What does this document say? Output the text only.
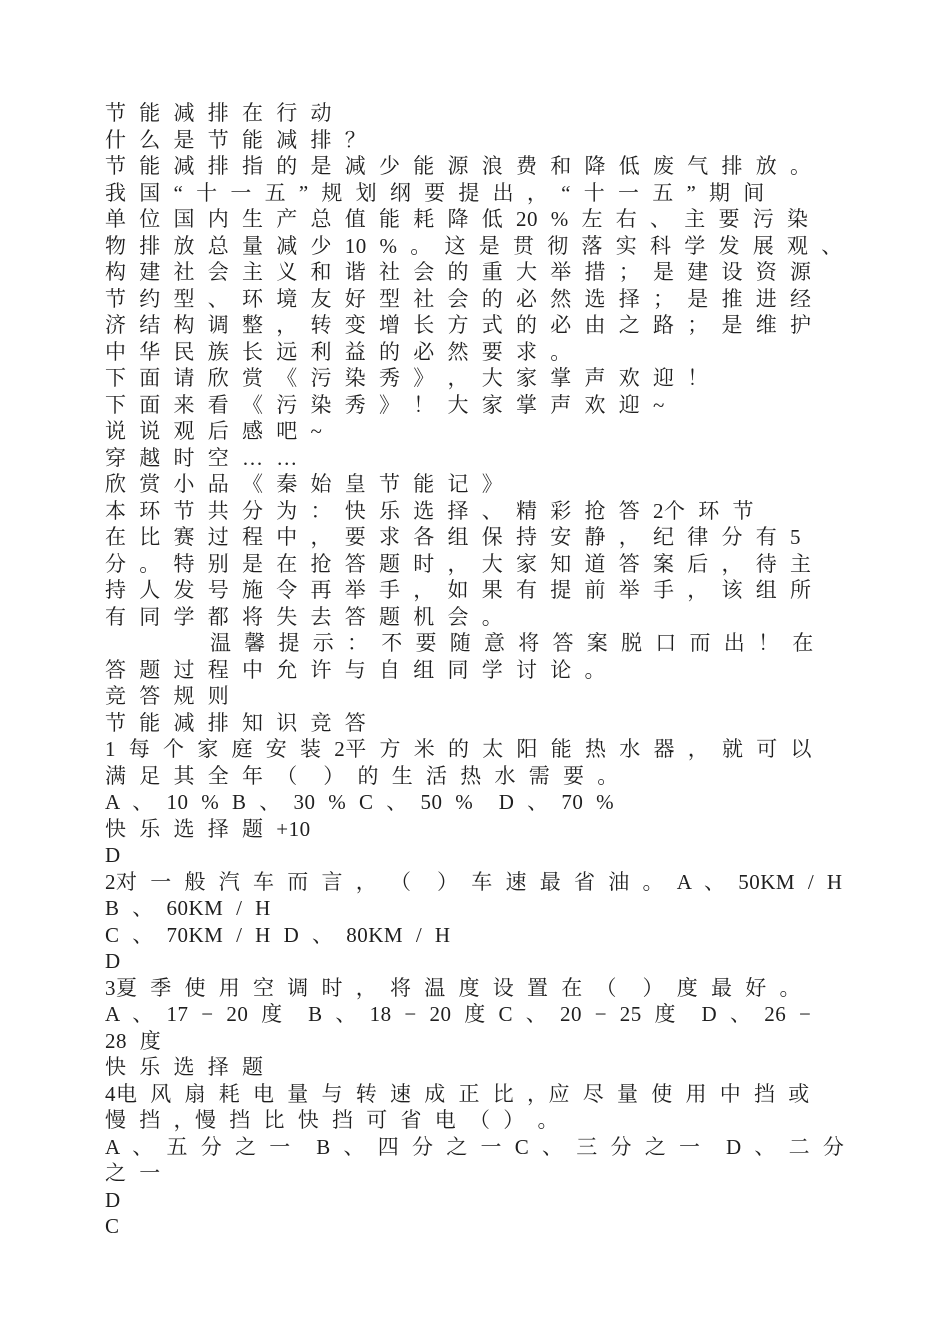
节 能 减 排 在 行 动
什 么 是 节 能 减 排 ？
节 能 减 排 指 的 是 减 少 能 源 浪 费 和 降 低 废 气 排 放 。
我 国 “ 十 一 五 ” 规 划 纲 要 提 出 ， “ 十 一 五 ” 期 间
单 位 国 内 生 产 总 值 能 耗 降 低 20 % 左 右 、 主 要 污 染
物 排 放 总 量 减 少 10 % 。 这 是 贯 彻 落 实 科 学 发 展 观 、
构 建 社 会 主 义 和 谐 社 会 的 重 大 举 措 ； 是 建 设 资 源
节 约 型 、 环 境 友 好 型 社 会 的 必 然 选 择 ； 是 推 进 经
济 结 构 调 整 ， 转 变 增 长 方 式 的 必 由 之 路 ； 是 维 护
中 华 民 族 长 远 利 益 的 必 然 要 求 。
下 面 请 欣 赏 《 污 染 秀 》 ， 大 家 掌 声 欢 迎 ！
下 面 来 看 《 污 染 秀 》 ！ 大 家 掌 声 欢 迎 ~
说 说 观 后 感 吧 ~
穿 越 时 空 … …
欣 赏 小 品 《 秦 始 皇 节 能 记 》
本 环 节 共 分 为 ： 快 乐 选 择 、 精 彩 抢 答 2个 环 节
在 比 赛 过 程 中 ， 要 求 各 组 保 持 安 静 ， 纪 律 分 有 5
分 。 特 别 是 在 抢 答 题 时 ， 大 家 知 道 答 案 后 ， 待 主
持 人 发 号 施 令 再 举 手 ， 如 果 有 提 前 举 手 ， 该 组 所
有 同 学 都 将 失 去 答 题 机 会 。
温 馨 提 示 ： 不 要 随 意 将 答 案 脱 口 而 出 ！ 在
答 题 过 程 中 允 许 与 自 组 同 学 讨 论 。
竞 答 规 则
节 能 减 排 知 识 竞 答
1 每 个 家 庭 安 装 2平 方 米 的 太 阳 能 热 水 器 ， 就 可 以
满 足 其 全 年 （  ） 的 生 活 热 水 需 要 。
A 、 10 % B 、 30 % C 、 50 %  D 、 70 %
快 乐 选 择 题 +10
D
2对 一 般 汽 车 而 言 ， （  ） 车 速 最 省 油 。 A 、 50KM / H
B 、 60KM / H
C 、 70KM / H D 、 80KM / H
D
3夏 季 使 用 空 调 时 ， 将 温 度 设 置 在 （  ） 度 最 好 。
A 、 17 − 20 度  B 、 18 − 20 度 C 、 20 − 25 度  D 、 26 −
28 度
快 乐 选 择 题
4电 风 扇 耗 电 量 与 转 速 成 正 比 ，应 尽 量 使 用 中 挡 或
慢 挡 ，慢 挡 比 快 挡 可 省 电 （ ） 。
A 、 五 分 之 一  B 、 四 分 之 一 C 、 三 分 之 一  D 、 二 分
之 一
D
C
